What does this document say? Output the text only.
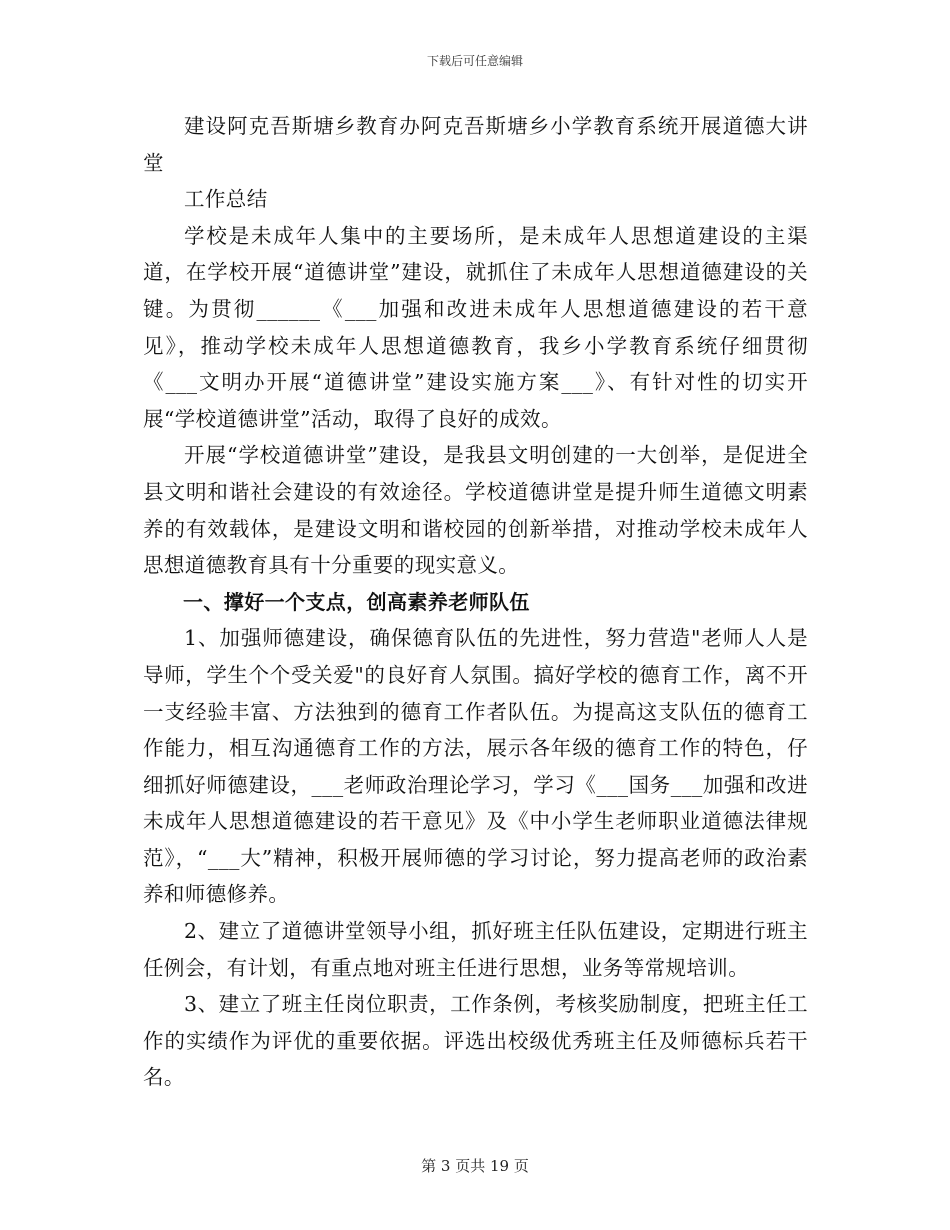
下载后可任意编辑

建设阿克吾斯塘乡教育办阿克吾斯塘乡小学教育系统开展道德大讲堂

工作总结

学校是未成年人集中的主要场所，是未成年人思想道建设的主渠道，在学校开展“道德讲堂”建设，就抓住了未成年人思想道德建设的关键。为贯彻______《___加强和改进未成年人思想道德建设的若干意见》，推动学校未成年人思想道德教育，我乡小学教育系统仔细贯彻《___文明办开展“道德讲堂”建设实施方案___》、有针对性的切实开展“学校道德讲堂”活动，取得了良好的成效。

开展“学校道德讲堂”建设，是我县文明创建的一大创举，是促进全县文明和谐社会建设的有效途径。学校道德讲堂是提升师生道德文明素养的有效载体，是建设文明和谐校园的创新举措，对推动学校未成年人思想道德教育具有十分重要的现实意义。

一、撑好一个支点，创高素养老师队伍

1、加强师德建设，确保德育队伍的先进性，努力营造"老师人人是导师，学生个个受关爱"的良好育人氛围。搞好学校的德育工作，离不开一支经验丰富、方法独到的德育工作者队伍。为提高这支队伍的德育工作能力，相互沟通德育工作的方法，展示各年级的德育工作的特色，仔细抓好师德建设，___老师政治理论学习，学习《___国务___加强和改进未成年人思想道德建设的若干意见》及《中小学生老师职业道德法律规范》，“___大”精神，积极开展师德的学习讨论，努力提高老师的政治素养和师德修养。

2、建立了道德讲堂领导小组，抓好班主任队伍建设，定期进行班主任例会，有计划，有重点地对班主任进行思想，业务等常规培训。

3、建立了班主任岗位职责，工作条例，考核奖励制度，把班主任工作的实绩作为评优的重要依据。评选出校级优秀班主任及师德标兵若干名。

第 3 页共 19 页
